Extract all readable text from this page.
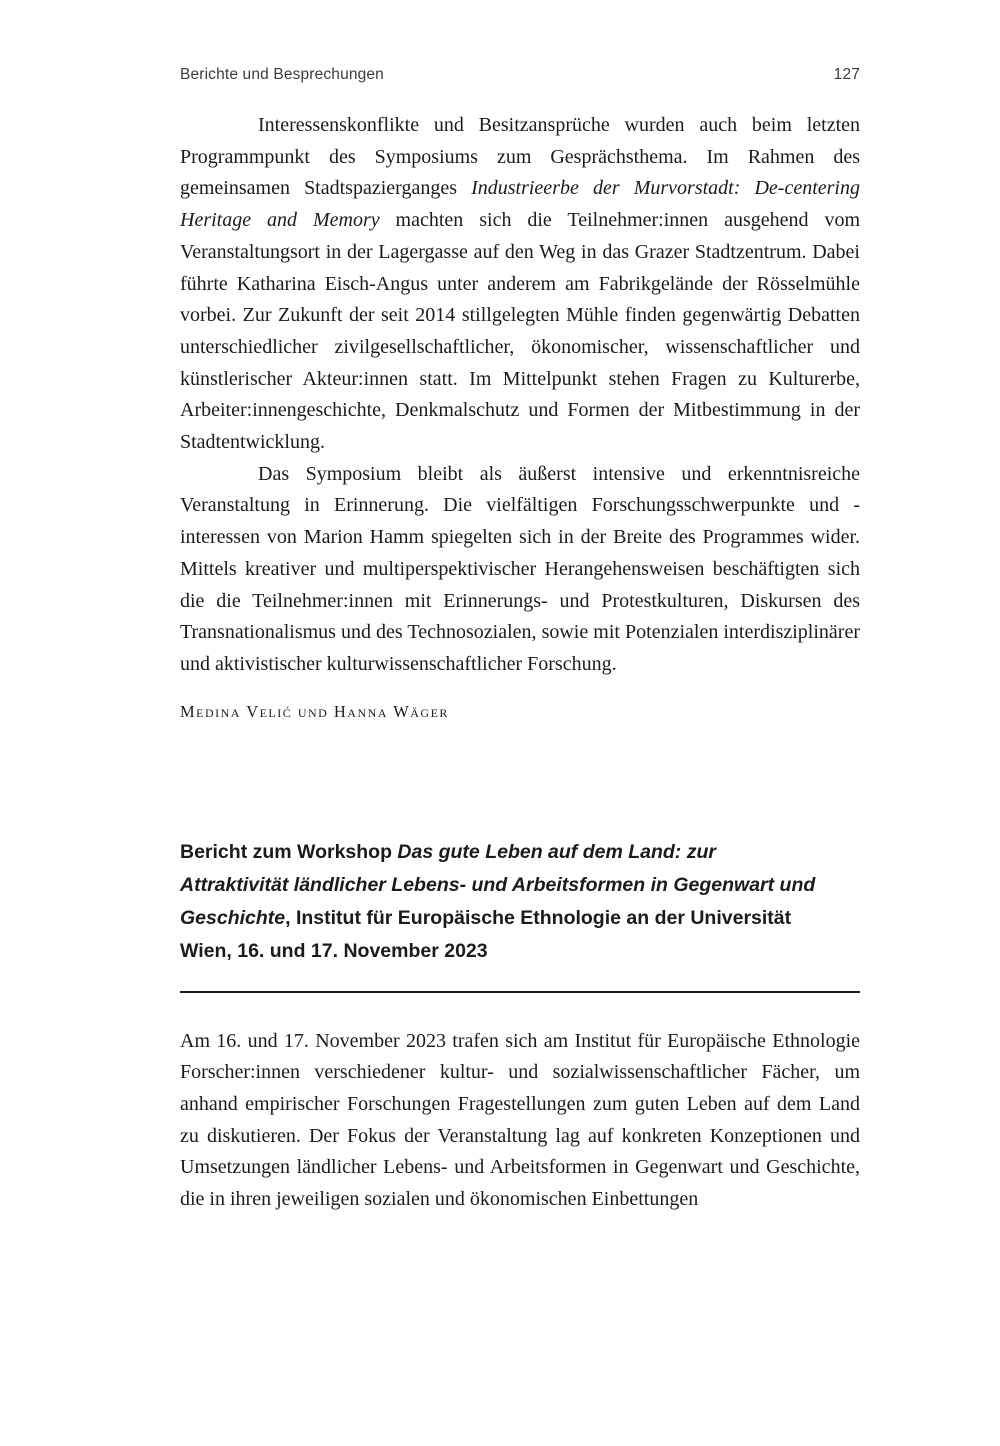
Berichte und Besprechungen	127

Interessenskonflikte und Besitzansprüche wurden auch beim letzten Programmpunkt des Symposiums zum Gesprächsthema. Im Rahmen des gemeinsamen Stadtspazierganges Industrieerbe der Murvorstadt: De-centering Heritage and Memory machten sich die Teilnehmer:innen ausgehend vom Veranstaltungsort in der Lagergasse auf den Weg in das Grazer Stadtzentrum. Dabei führte Katharina Eisch-Angus unter anderem am Fabrikgelände der Rösselmühle vorbei. Zur Zukunft der seit 2014 stillgelegten Mühle finden gegenwärtig Debatten unterschiedlicher zivilgesellschaftlicher, ökonomischer, wissenschaftlicher und künstlerischer Akteur:innen statt. Im Mittelpunkt stehen Fragen zu Kulturerbe, Arbeiter:innengeschichte, Denkmalschutz und Formen der Mitbestimmung in der Stadtentwicklung.

Das Symposium bleibt als äußerst intensive und erkenntnisreiche Veranstaltung in Erinnerung. Die vielfältigen Forschungsschwerpunkte und -interessen von Marion Hamm spiegelten sich in der Breite des Programmes wider. Mittels kreativer und multiperspektivischer Herangehensweisen beschäftigten sich die die Teilnehmer:innen mit Erinnerungs- und Protestkulturen, Diskursen des Transnationalismus und des Technosozialen, sowie mit Potenzialen interdisziplinärer und aktivistischer kulturwissenschaftlicher Forschung.

Medina Velić und Hanna Wäger

Bericht zum Workshop Das gute Leben auf dem Land: zur Attraktivität ländlicher Lebens- und Arbeitsformen in Gegenwart und Geschichte, Institut für Europäische Ethnologie an der Universität Wien, 16. und 17. November 2023

Am 16. und 17. November 2023 trafen sich am Institut für Europäische Ethnologie Forscher:innen verschiedener kultur- und sozialwissenschaftlicher Fächer, um anhand empirischer Forschungen Fragestellungen zum guten Leben auf dem Land zu diskutieren. Der Fokus der Veranstaltung lag auf konkreten Konzeptionen und Umsetzungen ländlicher Lebens- und Arbeitsformen in Gegenwart und Geschichte, die in ihren jeweiligen sozialen und ökonomischen Einbettungen
